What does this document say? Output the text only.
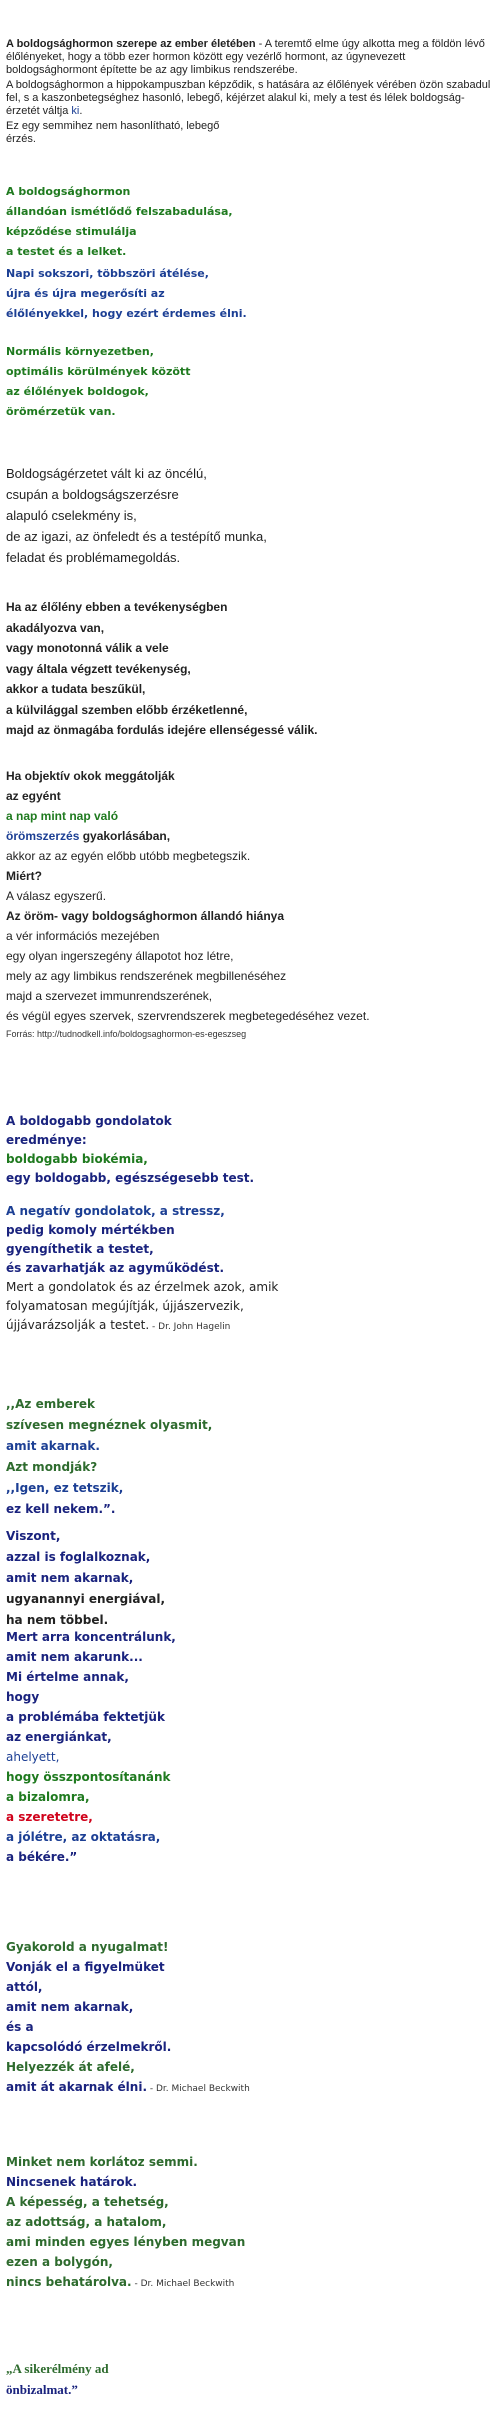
A boldogsághormon szerepe az ember életében - A teremtő elme úgy alkotta meg a földön lévő élőlényeket, hogy a több ezer hormon között egy vezérlő hormont, az úgynevezett boldogsághormont építette be az agy limbikus rendszerébe.

A boldogsághormon a hippokampuszban képződik, s hatására az élőlények vérében özön szabadul fel, s a kaszonbetegséghez hasonló, lebegő, kéjérzet alakul ki, mely a test és lélek boldogság-érzetét váltja ki.

Ez egy semmihez nem hasonlítható, lebegő érzés.

A boldogsághormon
állandóan ismétlődő felszabadulása,
képződése stimulálja
a testet és a lelket.
Napi sokszori, többszöri átélése,
újra és újra megerősíti az
élőlényekkel, hogy ezért érdemes élni.
Normális környezetben,
optimális körülmények között
az élőlények boldogok,
örömérzetük van.
Boldogságérzetet vált ki az öncélú,
csupán a boldogságszerzésre
alapuló cselekmény is,
de az igazi, az önfeledt és a testépítő munka,
feladat és problémamegoldás.
Ha az élőlény ebben a tevékenységben
akadályozva van,
vagy monotonná válik a vele
vagy általa végzett tevékenység,
akkor a tudata beszűkül,
a külvilággal szemben előbb érzéketlenné,
majd az önmagába fordulás idejére ellenségessé válik.
Ha objektív okok meggátolják
az egyént
a nap mint nap való
örömszerzés gyakorlásában,
akkor az az egyén előbb utóbb megbetegszik.
Miért?
A válasz egyszerű.
Az öröm- vagy boldogsághormon állandó hiánya
a vér információs mezejében
egy olyan ingerszegény állapotot hoz létre,
mely az agy limbikus rendszerének megbillenéséhez
majd a szervezet immunrendszerének,
és végül egyes szervek, szervrendszerek megbetegedéséhez vezet.
Forrás: http://tudnodkell.info/boldogsaghormon-es-egeszseg
A boldogabb gondolatok
eredménye:
boldogabb biokémia,
egy boldogabb, egészségesebb test.
A negatív gondolatok, a stressz,
pedig komoly mértékben
gyengíthetik a testet,
és zavarhatják az agyműködést.
Mert a gondolatok és az érzelmek azok, amik
folyamatosan megújítják, újjászervezik,
újjávarázsolják a testet. - Dr. John Hagelin
,,Az emberek
szívesen megnéznek olyasmit,
amit akarnak.
Azt mondják?
,,Igen, ez tetszik,
ez kell nekem.”.
Viszont,
azzal is foglalkoznak,
amit nem akarnak,
ugyanannyi energiával,
ha nem többel.
Mert arra koncentrálunk,
amit nem akarunk...
Mi értelme annak,
hogy
a problémába fektetjük
az energiánkat,
ahelyett,
hogy összpontosítanánk
a bizalomra,
a szeretetre,
a jólétre, az oktatásra,
a békére.”
Gyakorold a nyugalmat!
Vonják el a figyelmüket
attól,
amit nem akarnak,
és a
kapcsolódó érzelmekről.
Helyezzék át afelé,
amit át akarnak élni. - Dr. Michael Beckwith
Minket nem korlátoz semmi.
Nincsenek határok.
A képesség, a tehetség,
az adottság, a hatalom,
ami minden egyes lényben megvan
ezen a bolygón,
nincs behatárolva. - Dr. Michael Beckwith
„A sikerélmény ad
önbizalmat.”
